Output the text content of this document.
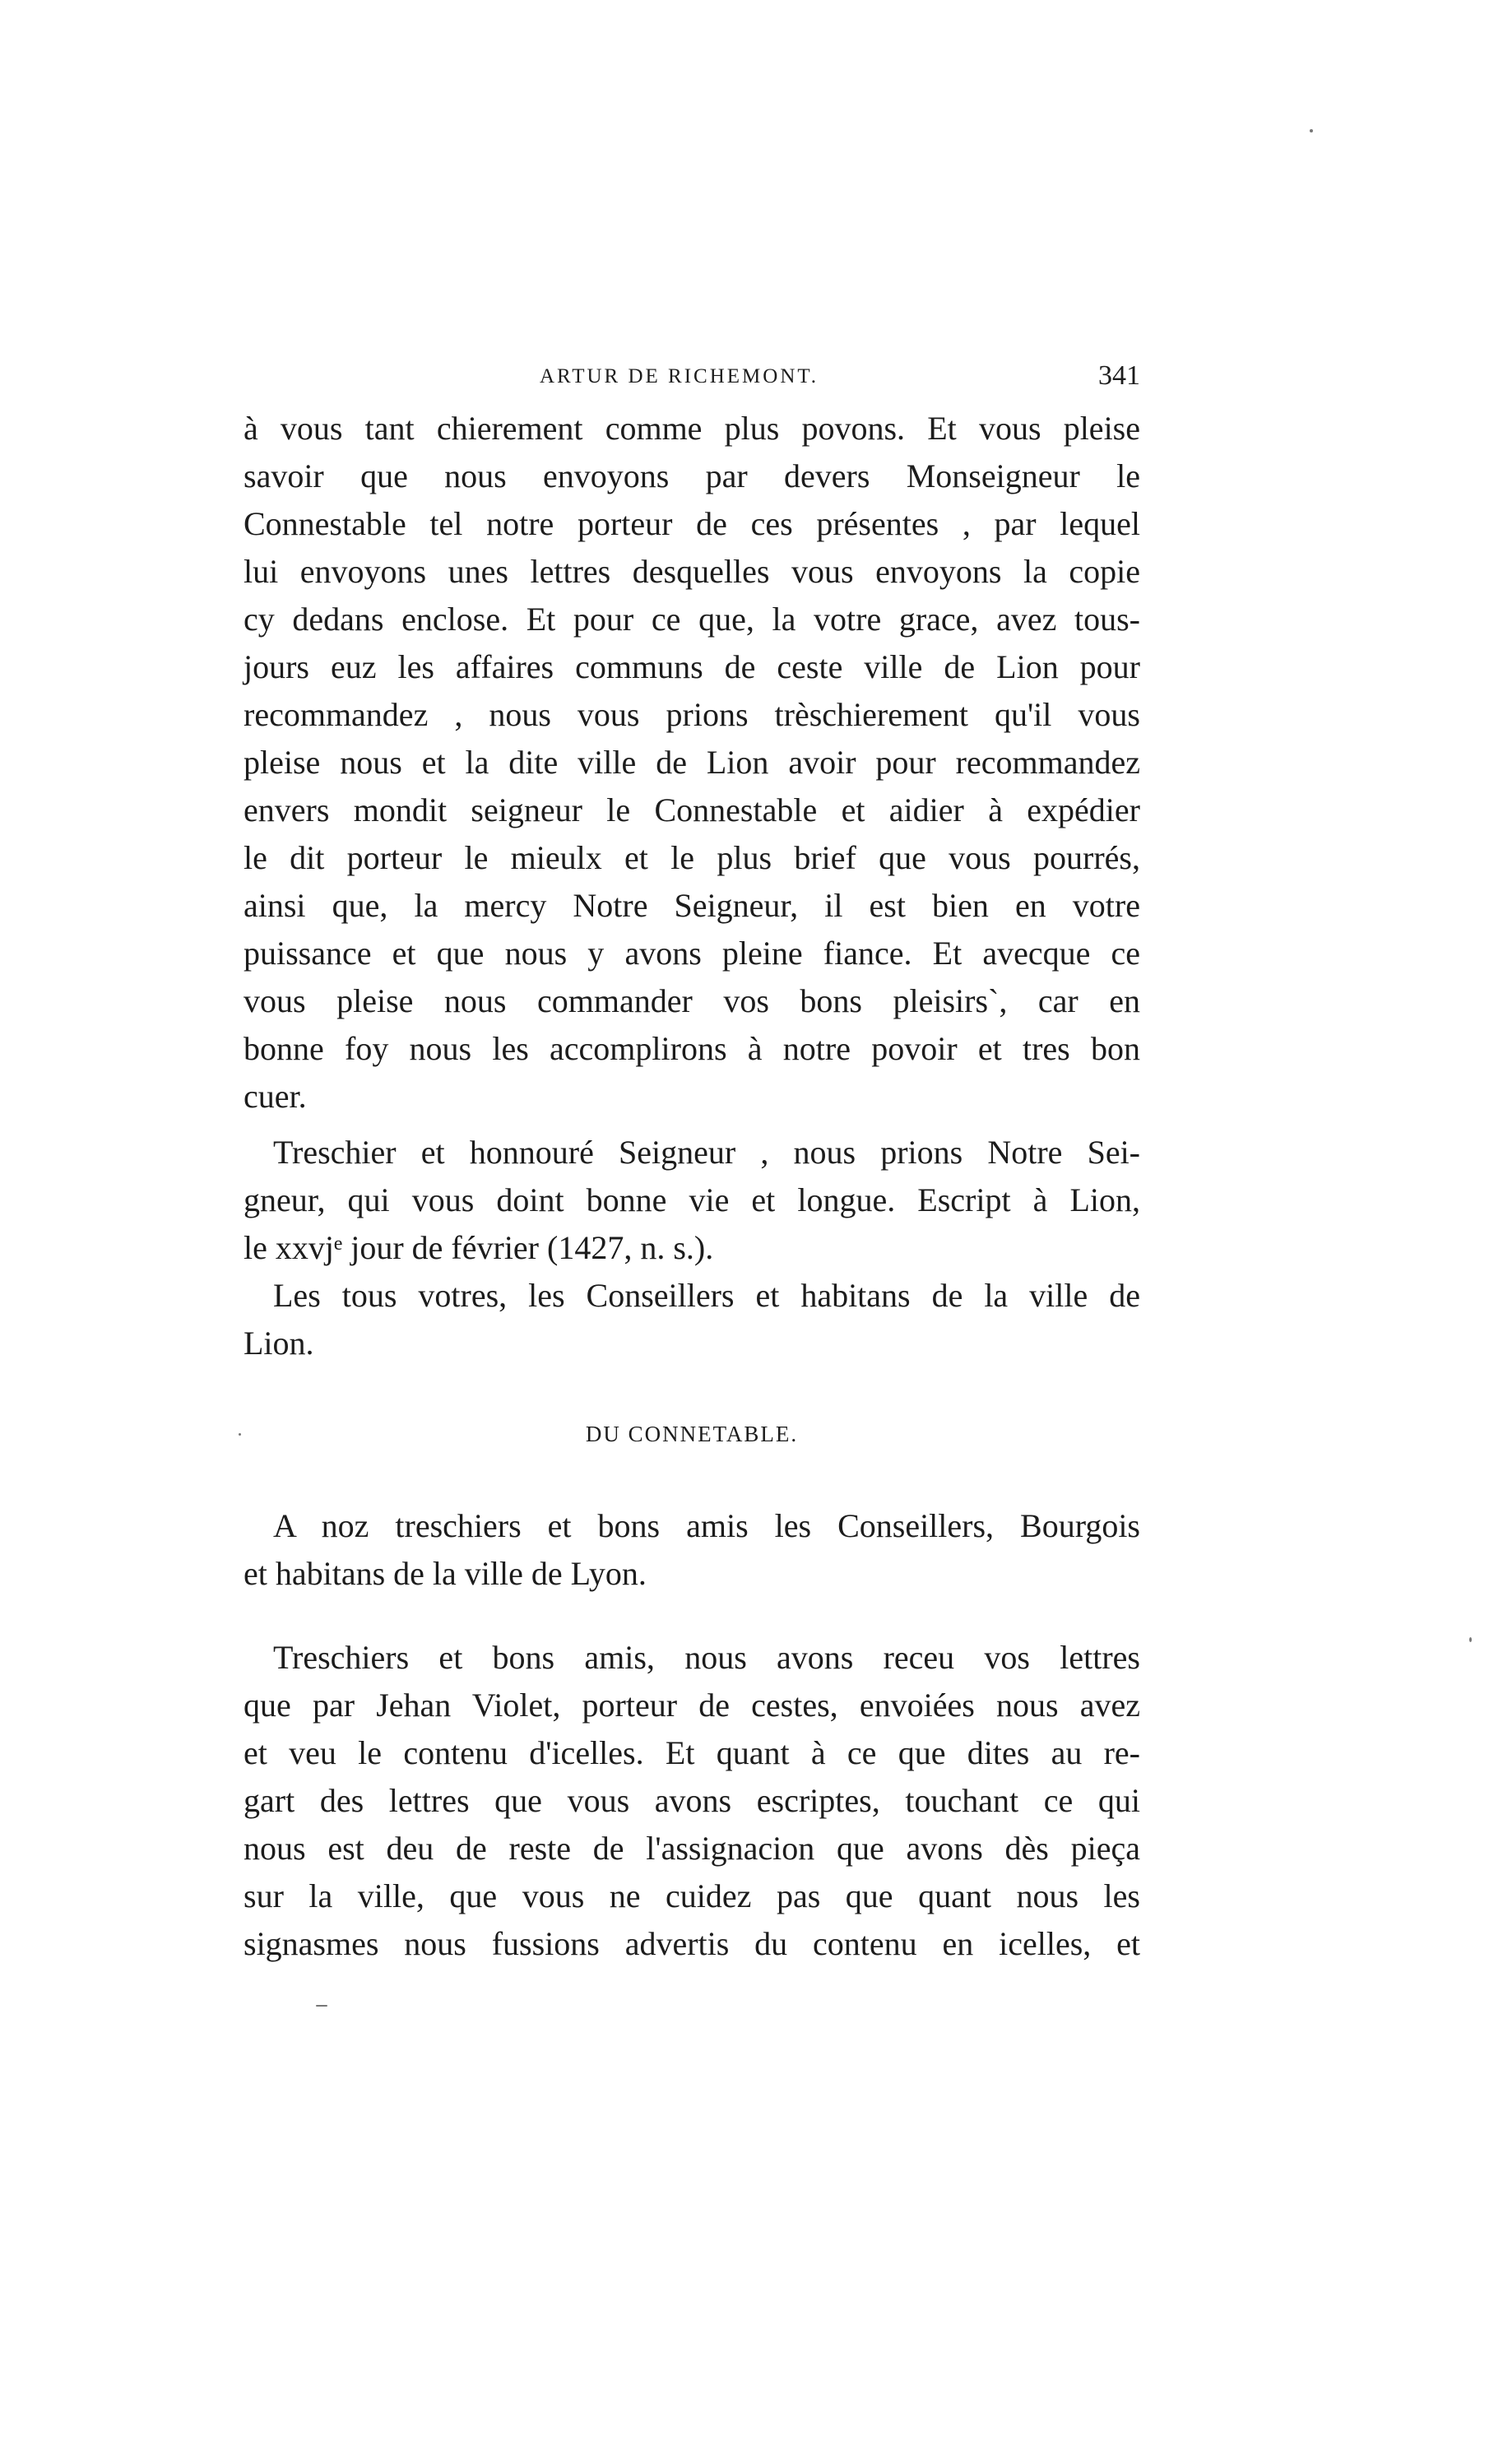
ARTUR DE RICHEMONT.	341
à vous tant chierement comme plus povons. Et vous pleise
savoir que nous envoyons par devers Monseigneur le
Connestable tel notre porteur de ces présentes , par lequel
lui envoyons unes lettres desquelles vous envoyons la copie
cy dedans enclose. Et pour ce que, la votre grace, avez tous-
jours euz les affaires communs de ceste ville de Lion pour
recommandez , nous vous prions trèschierement qu'il vous
pleise nous et la dite ville de Lion avoir pour recommandez
envers mondit seigneur le Connestable et aidier à expédier
le dit porteur le mieulx et le plus brief que vous pourrés,
ainsi que, la mercy Notre Seigneur, il est bien en votre
puissance et que nous y avons pleine fiance. Et avecque ce
vous pleise nous commander vos bons pleisirs`, car en
bonne foy nous les accomplirons à notre povoir et tres bon
cuer.
Treschier et honnouré Seigneur , nous prions Notre Sei-
gneur, qui vous doint bonne vie et longue. Escript à Lion,
le xxvjᵉ jour de février (1427, n. s.).
Les tous votres, les Conseillers et habitans de la ville de
Lion.
DU CONNETABLE.
A noz treschiers et bons amis les Conseillers, Bourgois
et habitans de la ville de Lyon.
Treschiers et bons amis, nous avons receu vos lettres
que par Jehan Violet, porteur de cestes, envoiées nous avez
et veu le contenu d'icelles. Et quant à ce que dites au re-
gart des lettres que vous avons escriptes, touchant ce qui
nous est deu de reste de l'assignacion que avons dès pieça
sur la ville, que vous ne cuidez pas que quant nous les
signasmes nous fussions advertis du contenu en icelles, et
